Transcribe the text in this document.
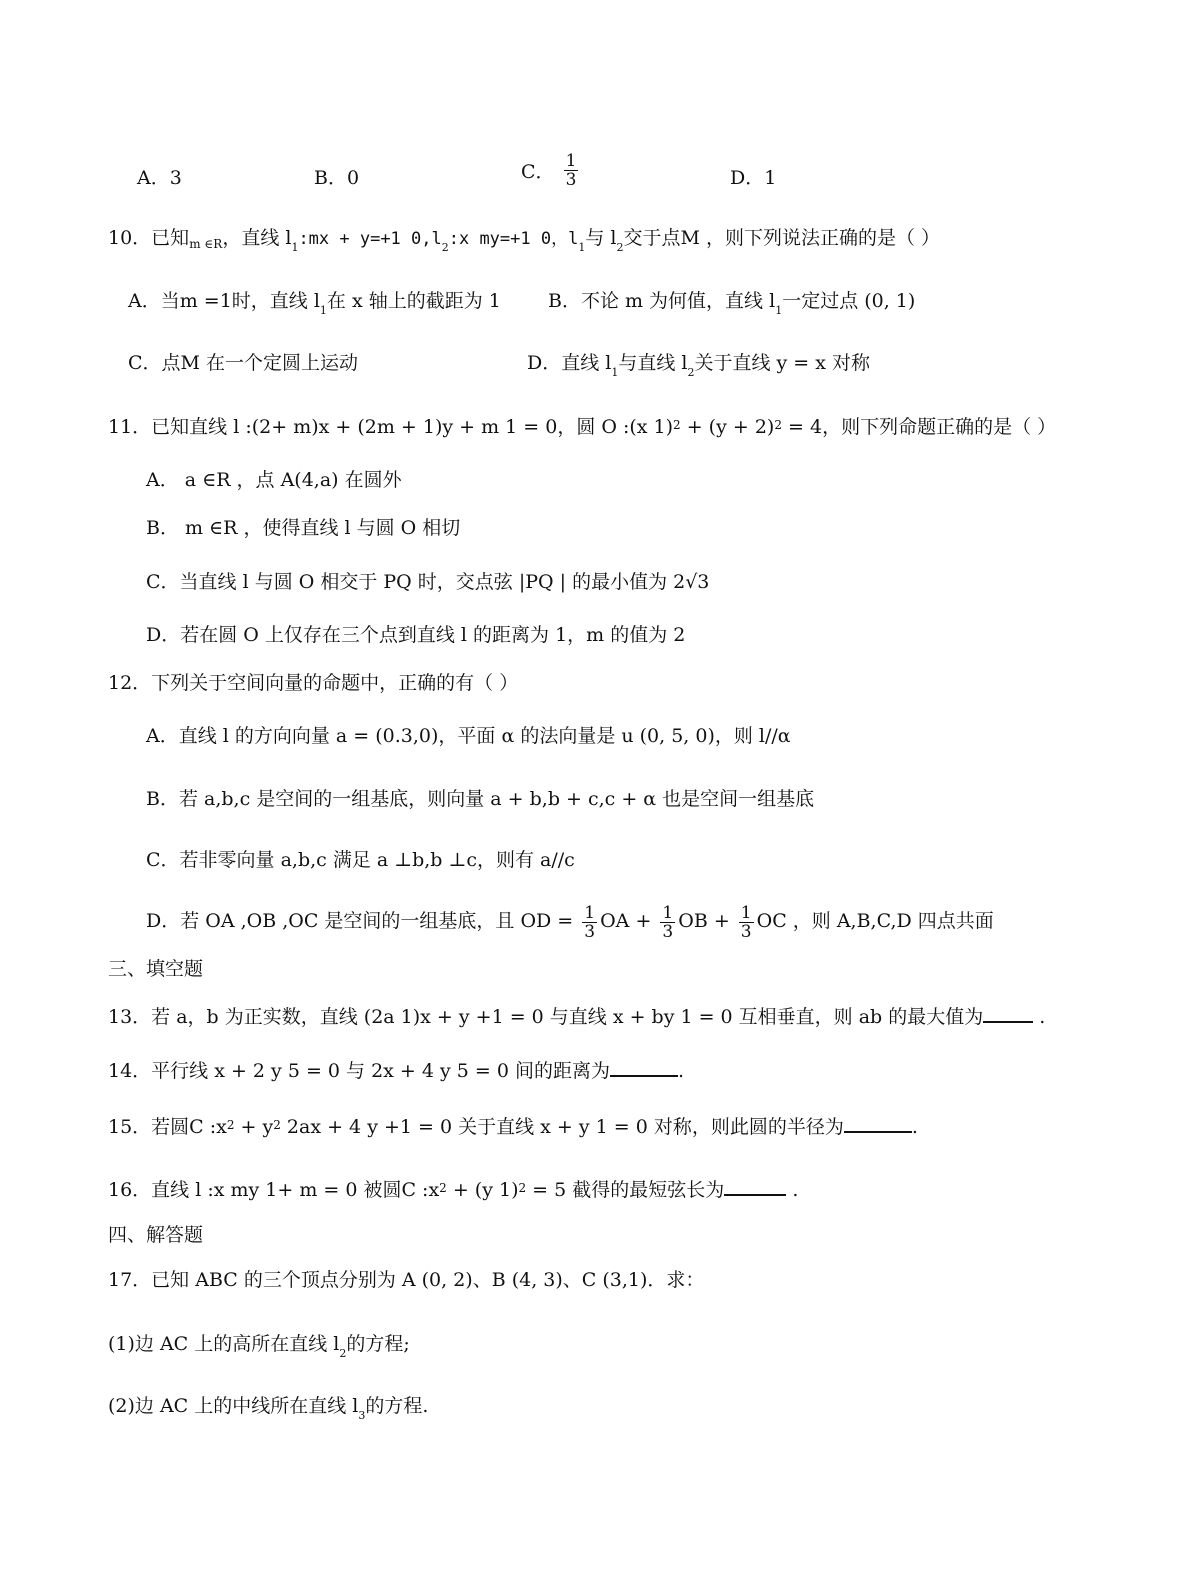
A．3	B．0	C． $\frac{1}{3}$	D．1
10．已知$_{m \in R}$，直线 $l_1:mx + y=+1$ $0,l_2:x$ my=+1 0，$l_1$与 $l_2$交于点M ，则下列说法正确的是（ ）
A．当m =1时，直线 $l_1$在 x 轴上的截距为 1 B．不论 m 为何值，直线 $l_1$一定过点 (0, 1)
C．点M 在一个定圆上运动	D．直线 $l_1$与直线 $l_2$关于直线 y = x 对称
11．已知直线 l :(2+ m)x + (2m + 1)y + m 1 = 0，圆 O :(x $1)^2 + (y + 2)^2 = 4$，则下列命题正确的是（ ）
A． a ∈R ，点 A(4,a) 在圆外
B． m ∈R ，使得直线 l 与圆 O 相切
C．当直线 l 与圆 O 相交于 PQ 时，交点弦 |PQ | 的最小值为 2√3
D．若在圆 O 上仅存在三个点到直线 l 的距离为 1，m 的值为 2
12．下列关于空间向量的命题中，正确的有（ ）
A．直线 l 的方向向量 a = (0.3,0)，平面 α 的法向量是 u (0, 5, 0)，则 l//α
B．若 a,b,c 是空间的一组基底，则向量 a + b,b + c,c + α 也是空间一组基底
C．若非零向量 a,b,c 满足 a ⊥b,b ⊥c，则有 a//c
D．若 OA ,OB ,OC 是空间的一组基底，且 OD = $\frac{1}{3}$ OA + $\frac{1}{3}$ OB + $\frac{1}{3}$ OC ，则 A,B,C,D 四点共面
三、填空题
13．若 a，b 为正实数，直线 (2a 1)x + y +1 = 0 与直线 x + by 1 = 0 互相垂直，则 ab 的最大值为	.
14．平行线 x + 2 y 5 = 0 与 2x + 4 y 5 = 0 间的距离为	.
15．若圆C $:x^2 + y^2$ 2ax + 4 y +1 = 0 关于直线 x + y 1 = 0 对称，则此圆的半径为	.
16．直线 l :x my 1+ m = 0 被圆C $:x^2 + (y$ 1)$^2$ = 5 截得的最短弦长为	.
四、解答题
17．已知 ABC 的三个顶点分别为 A (0, 2)、B (4, 3)、C (3,1)．求：
(1)边 AC 上的高所在直线 $l_2$的方程;
(2)边 AC 上的中线所在直线 $l_3$的方程.
